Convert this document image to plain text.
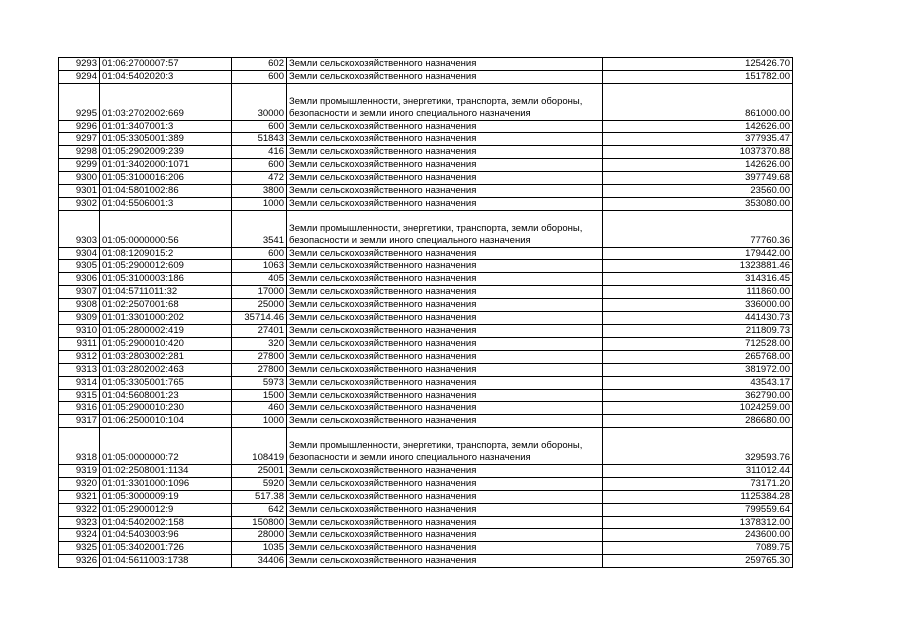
9293	01:06:2700007:57	602	Земли сельскохозяйственного назначения	125426.70
9294	01:04:5402020:3	600	Земли сельскохозяйственного назначения	151782.00
9295	01:03:2702002:669	30000	Земли промышленности, энергетики, транспорта, земли обороны, безопасности и земли иного специального назначения	861000.00
9296	01:01:3407001:3	600	Земли сельскохозяйственного назначения	142626.00
9297	01:05:3305001:389	51843	Земли сельскохозяйственного назначения	377935.47
9298	01:05:2902009:239	416	Земли сельскохозяйственного назначения	1037370.88
9299	01:01:3402000:1071	600	Земли сельскохозяйственного назначения	142626.00
9300	01:05:3100016:206	472	Земли сельскохозяйственного назначения	397749.68
9301	01:04:5801002:86	3800	Земли сельскохозяйственного назначения	23560.00
9302	01:04:5506001:3	1000	Земли сельскохозяйственного назначения	353080.00
9303	01:05:0000000:56	3541	Земли промышленности, энергетики, транспорта, земли обороны, безопасности и земли иного специального назначения	77760.36
9304	01:08:1209015:2	600	Земли сельскохозяйственного назначения	179442.00
9305	01:05:2900012:609	1063	Земли сельскохозяйственного назначения	1323881.46
9306	01:05:3100003:186	405	Земли сельскохозяйственного назначения	314316.45
9307	01:04:5711011:32	17000	Земли сельскохозяйственного назначения	111860.00
9308	01:02:2507001:68	25000	Земли сельскохозяйственного назначения	336000.00
9309	01:01:3301000:202	35714.46	Земли сельскохозяйственного назначения	441430.73
9310	01:05:2800002:419	27401	Земли сельскохозяйственного назначения	211809.73
9311	01:05:2900010:420	320	Земли сельскохозяйственного назначения	712528.00
9312	01:03:2803002:281	27800	Земли сельскохозяйственного назначения	265768.00
9313	01:03:2802002:463	27800	Земли сельскохозяйственного назначения	381972.00
9314	01:05:3305001:765	5973	Земли сельскохозяйственного назначения	43543.17
9315	01:04:5608001:23	1500	Земли сельскохозяйственного назначения	362790.00
9316	01:05:2900010:230	460	Земли сельскохозяйственного назначения	1024259.00
9317	01:06:2500010:104	1000	Земли сельскохозяйственного назначения	286680.00
9318	01:05:0000000:72	108419	Земли промышленности, энергетики, транспорта, земли обороны, безопасности и земли иного специального назначения	329593.76
9319	01:02:2508001:1134	25001	Земли сельскохозяйственного назначения	311012.44
9320	01:01:3301000:1096	5920	Земли сельскохозяйственного назначения	73171.20
9321	01:05:3000009:19	517.38	Земли сельскохозяйственного назначения	1125384.28
9322	01:05:2900012:9	642	Земли сельскохозяйственного назначения	799559.64
9323	01:04:5402002:158	150800	Земли сельскохозяйственного назначения	1378312.00
9324	01:04:5403003:96	28000	Земли сельскохозяйственного назначения	243600.00
9325	01:05:3402001:726	1035	Земли сельскохозяйственного назначения	7089.75
9326	01:04:5611003:1738	34406	Земли сельскохозяйственного назначения	259765.30
